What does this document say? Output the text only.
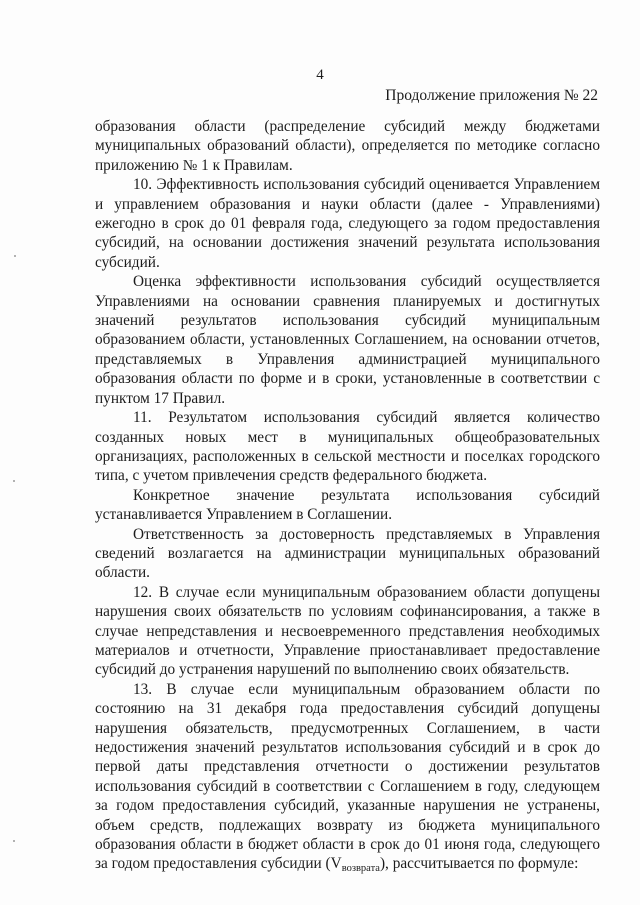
4
Продолжение приложения № 22

образования области (распределение субсидий между бюджетами муниципальных образований области), определяется по методике согласно приложению № 1 к Правилам.

10. Эффективность использования субсидий оценивается Управлением и управлением образования и науки области (далее - Управлениями) ежегодно в срок до 01 февраля года, следующего за годом предоставления субсидий, на основании достижения значений результата использования субсидий.

Оценка эффективности использования субсидий осуществляется Управлениями на основании сравнения планируемых и достигнутых значений результатов использования субсидий муниципальным образованием области, установленных Соглашением, на основании отчетов, представляемых в Управления администрацией муниципального образования области по форме и в сроки, установленные в соответствии с пунктом 17 Правил.

11. Результатом использования субсидий является количество созданных новых мест в муниципальных общеобразовательных организациях, расположенных в сельской местности и поселках городского типа, с учетом привлечения средств федерального бюджета.

Конкретное значение результата использования субсидий устанавливается Управлением в Соглашении.

Ответственность за достоверность представляемых в Управления сведений возлагается на администрации муниципальных образований области.

12. В случае если муниципальным образованием области допущены нарушения своих обязательств по условиям софинансирования, а также в случае непредставления и несвоевременного представления необходимых материалов и отчетности, Управление приостанавливает предоставление субсидий до устранения нарушений по выполнению своих обязательств.

13. В случае если муниципальным образованием области по состоянию на 31 декабря года предоставления субсидий допущены нарушения обязательств, предусмотренных Соглашением, в части недостижения значений результатов использования субсидий и в срок до первой даты представления отчетности о достижении результатов использования субсидий в соответствии с Соглашением в году, следующем за годом предоставления субсидий, указанные нарушения не устранены, объем средств, подлежащих возврату из бюджета муниципального образования области в бюджет области в срок до 01 июня года, следующего за годом предоставления субсидии $(V_{возврата})$, рассчитывается по формуле:
